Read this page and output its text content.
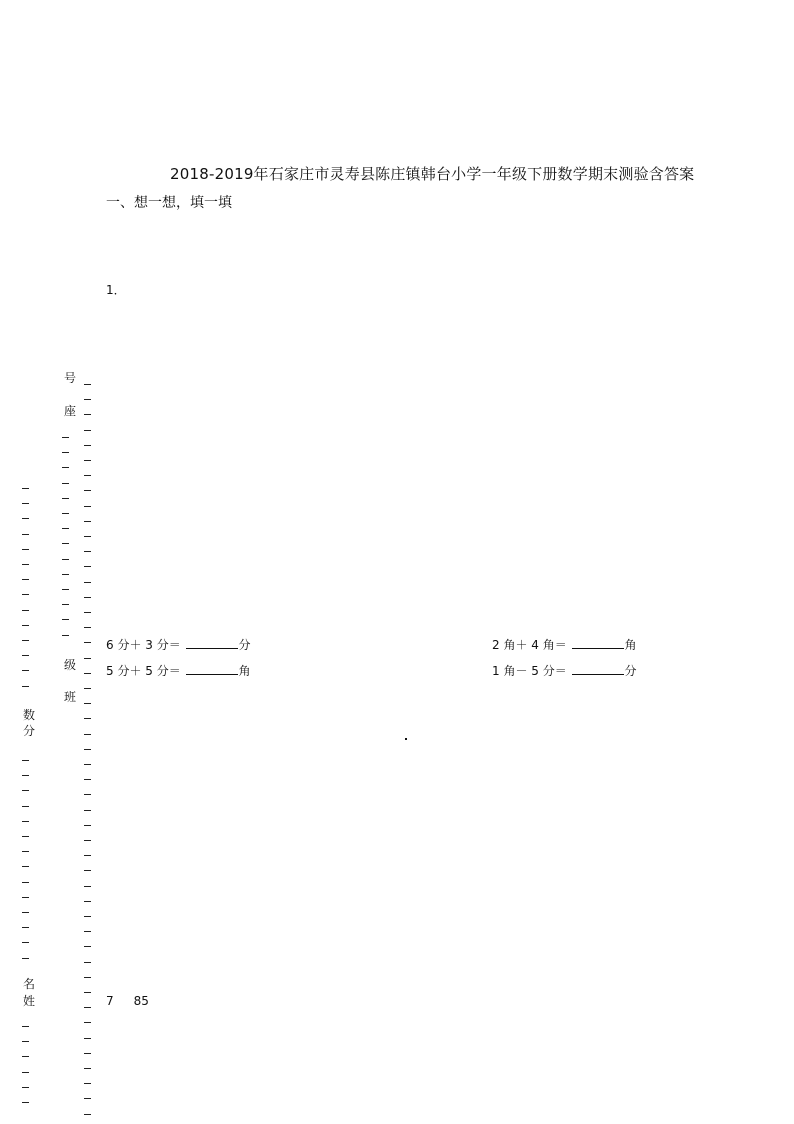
2018-2019年石家庄市灵寿县陈庄镇韩台小学一年级下册数学期末测验含答案
一、想一想，填一填
1．
6 分＋ 3 分＝	分	2 角＋ 4 角＝	角
5 分＋ 5 分＝	角	1 角－ 5 分＝	分
7 85
号
座
级
班
数
分
名
姓
